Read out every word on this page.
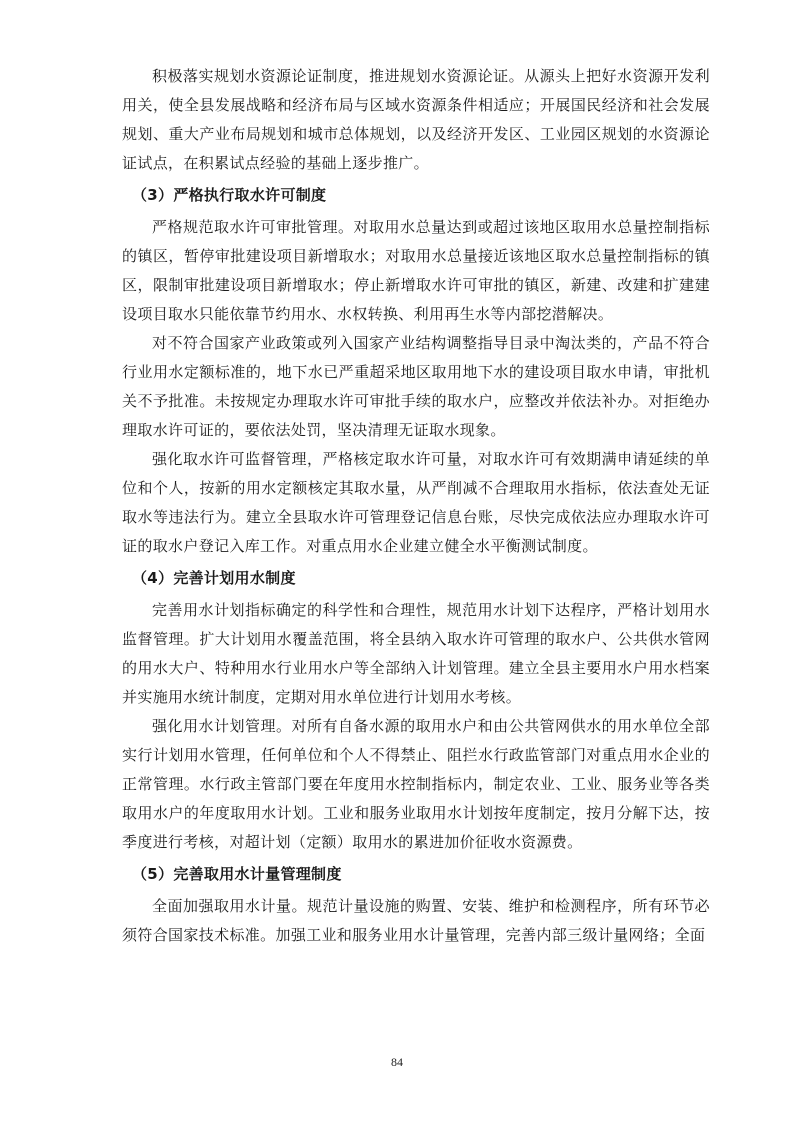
积极落实规划水资源论证制度，推进规划水资源论证。从源头上把好水资源开发利用关，使全县发展战略和经济布局与区域水资源条件相适应；开展国民经济和社会发展规划、重大产业布局规划和城市总体规划，以及经济开发区、工业园区规划的水资源论证试点，在积累试点经验的基础上逐步推广。

（3）严格执行取水许可制度

严格规范取水许可审批管理。对取用水总量达到或超过该地区取用水总量控制指标的镇区，暂停审批建设项目新增取水；对取用水总量接近该地区取水总量控制指标的镇区，限制审批建设项目新增取水；停止新增取水许可审批的镇区，新建、改建和扩建建设项目取水只能依靠节约用水、水权转换、利用再生水等内部挖潜解决。

对不符合国家产业政策或列入国家产业结构调整指导目录中淘汰类的，产品不符合行业用水定额标准的，地下水已严重超采地区取用地下水的建设项目取水申请，审批机关不予批准。未按规定办理取水许可审批手续的取水户，应整改并依法补办。对拒绝办理取水许可证的，要依法处罚，坚决清理无证取水现象。

强化取水许可监督管理，严格核定取水许可量，对取水许可有效期满申请延续的单位和个人，按新的用水定额核定其取水量，从严削减不合理取用水指标，依法查处无证取水等违法行为。建立全县取水许可管理登记信息台账，尽快完成依法应办理取水许可证的取水户登记入库工作。对重点用水企业建立健全水平衡测试制度。

（4）完善计划用水制度

完善用水计划指标确定的科学性和合理性，规范用水计划下达程序，严格计划用水监督管理。扩大计划用水覆盖范围，将全县纳入取水许可管理的取水户、公共供水管网的用水大户、特种用水行业用水户等全部纳入计划管理。建立全县主要用水户用水档案并实施用水统计制度，定期对用水单位进行计划用水考核。

强化用水计划管理。对所有自备水源的取用水户和由公共管网供水的用水单位全部实行计划用水管理，任何单位和个人不得禁止、阻拦水行政监管部门对重点用水企业的正常管理。水行政主管部门要在年度用水控制指标内，制定农业、工业、服务业等各类取用水户的年度取用水计划。工业和服务业取用水计划按年度制定，按月分解下达，按季度进行考核，对超计划（定额）取用水的累进加价征收水资源费。

（5）完善取用水计量管理制度

全面加强取用水计量。规范计量设施的购置、安装、维护和检测程序，所有环节必须符合国家技术标准。加强工业和服务业用水计量管理，完善内部三级计量网络；全面

84
